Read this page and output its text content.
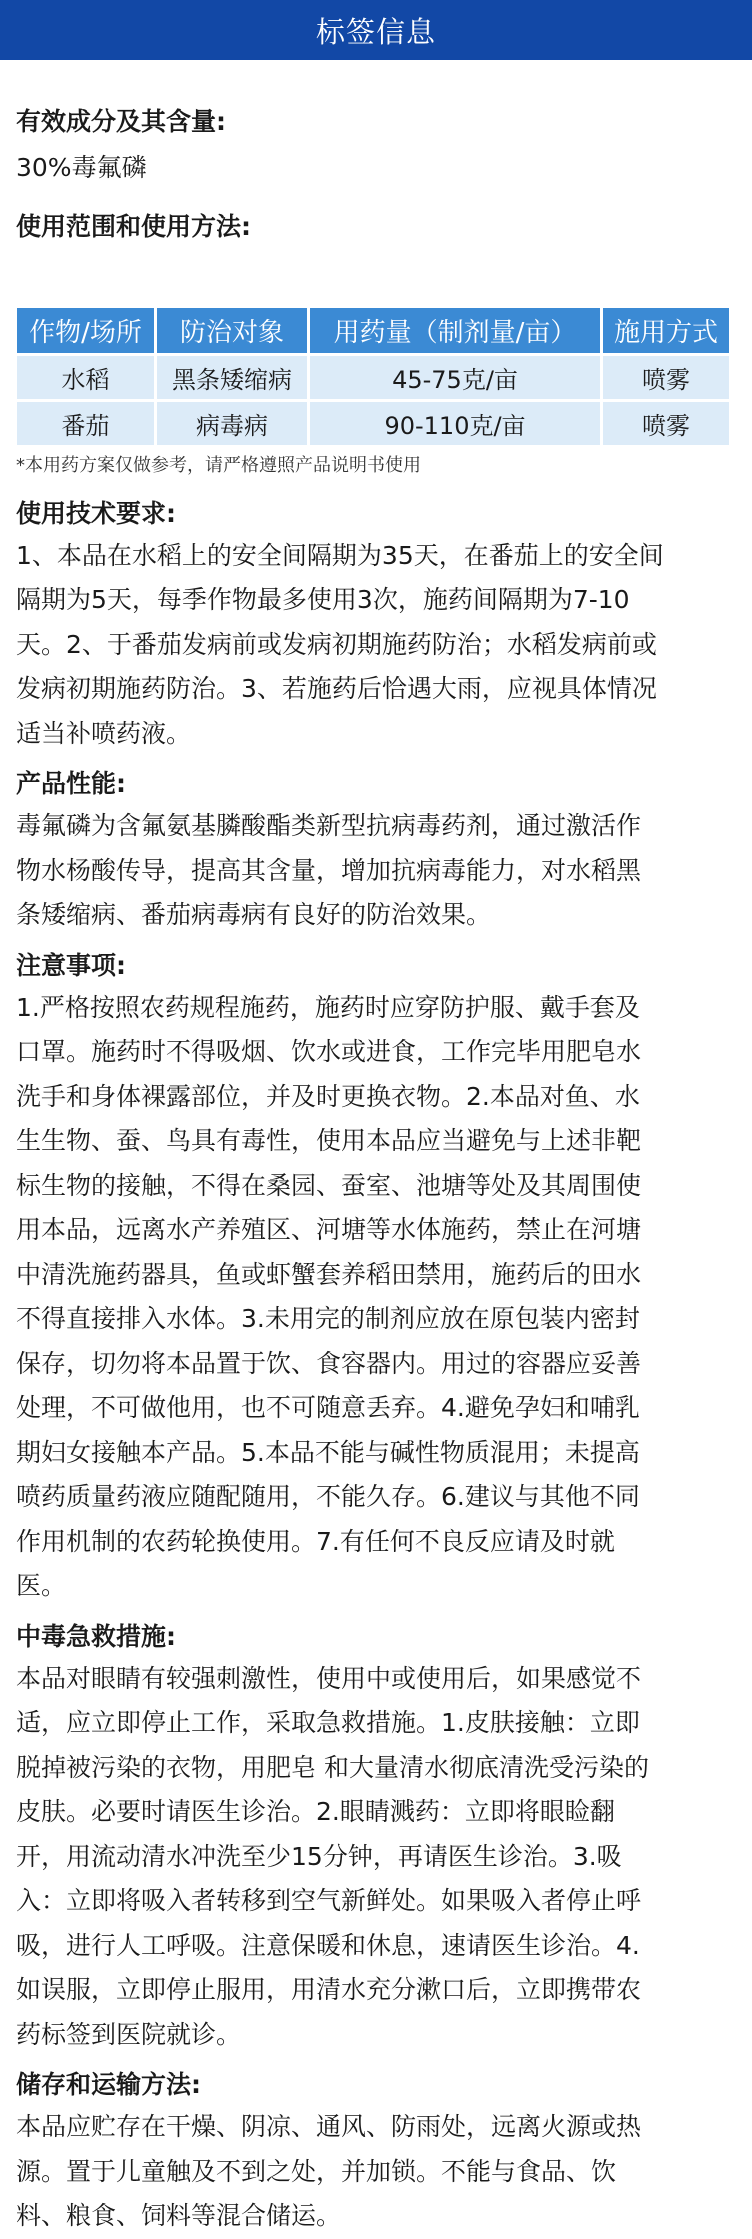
标签信息
有效成分及其含量:

30%毒氟磷

使用范围和使用方法:
作物/场所	防治对象	用药量（制剂量/亩）	施用方式
水稻	黑条矮缩病	45-75克/亩	喷雾
番茄	病毒病	90-110克/亩	喷雾

*本用药方案仅做参考，请严格遵照产品说明书使用

使用技术要求:

1、本品在水稻上的安全间隔期为35天，在番茄上的安全间
隔期为5天，每季作物最多使用3次，施药间隔期为7-10
天。2、于番茄发病前或发病初期施药防治；水稻发病前或
发病初期施药防治。3、若施药后恰遇大雨，应视具体情况
适当补喷药液。

产品性能:

毒氟磷为含氟氨基膦酸酯类新型抗病毒药剂，通过激活作
物水杨酸传导，提高其含量，增加抗病毒能力，对水稻黑
条矮缩病、番茄病毒病有良好的防治效果。

注意事项:

1.严格按照农药规程施药，施药时应穿防护服、戴手套及
口罩。施药时不得吸烟、饮水或进食，工作完毕用肥皂水
洗手和身体裸露部位，并及时更换衣物。2.本品对鱼、水
生生物、蚕、鸟具有毒性，使用本品应当避免与上述非靶
标生物的接触，不得在桑园、蚕室、池塘等处及其周围使
用本品，远离水产养殖区、河塘等水体施药，禁止在河塘
中清洗施药器具，鱼或虾蟹套养稻田禁用，施药后的田水
不得直接排入水体。3.未用完的制剂应放在原包装内密封
保存，切勿将本品置于饮、食容器内。用过的容器应妥善
处理，不可做他用，也不可随意丢弃。4.避免孕妇和哺乳
期妇女接触本产品。5.本品不能与碱性物质混用；未提高
喷药质量药液应随配随用，不能久存。6.建议与其他不同
作用机制的农药轮换使用。7.有任何不良反应请及时就
医。

中毒急救措施:

本品对眼睛有较强刺激性，使用中或使用后，如果感觉不
适，应立即停止工作，采取急救措施。1.皮肤接触：立即
脱掉被污染的衣物，用肥皂 和大量清水彻底清洗受污染的
皮肤。必要时请医生诊治。2.眼睛溅药：立即将眼睑翻
开，用流动清水冲洗至少15分钟，再请医生诊治。3.吸
入：立即将吸入者转移到空气新鲜处。如果吸入者停止呼
吸，进行人工呼吸。注意保暖和休息，速请医生诊治。4.
如误服，立即停止服用，用清水充分漱口后，立即携带农
药标签到医院就诊。

储存和运输方法:

本品应贮存在干燥、阴凉、通风、防雨处，远离火源或热
源。置于儿童触及不到之处，并加锁。不能与食品、饮
料、粮食、饲料等混合储运。
